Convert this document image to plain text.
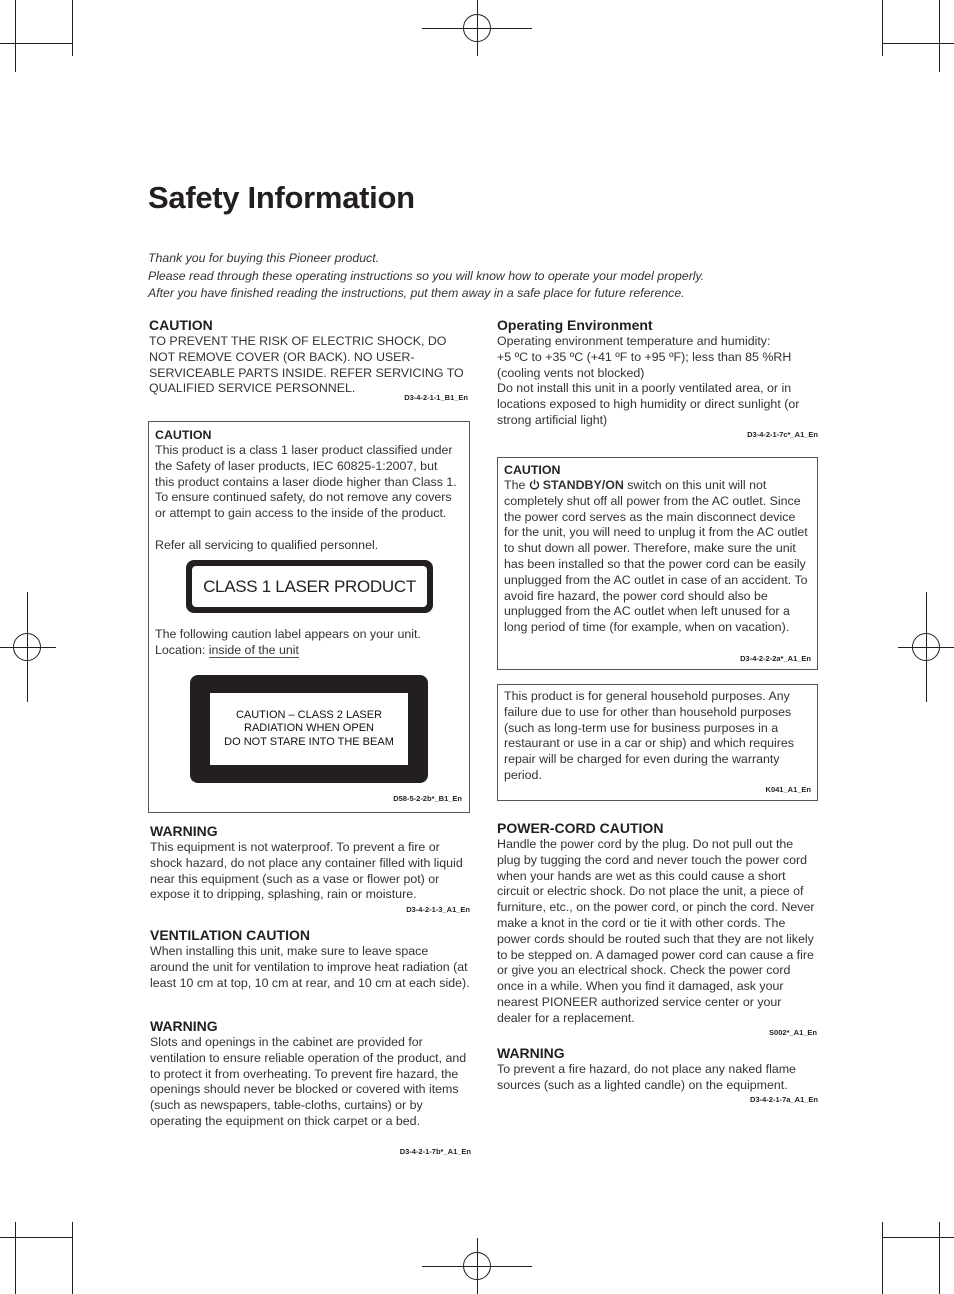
Safety Information
Thank you for buying this Pioneer product.
Please read through these operating instructions so you will know how to operate your model properly.
After you have finished reading the instructions, put them away in a safe place for future reference.
CAUTION
TO PREVENT THE RISK OF ELECTRIC SHOCK, DO NOT REMOVE COVER (OR BACK). NO USER-SERVICEABLE PARTS INSIDE. REFER SERVICING TO QUALIFIED SERVICE PERSONNEL.
D3-4-2-1-1_B1_En
CAUTION
This product is a class 1 laser product classified under the Safety of laser products, IEC 60825-1:2007, but this product contains a laser diode higher than Class 1. To ensure continued safety, do not remove any covers or attempt to gain access to the inside of the product.
Refer all servicing to qualified personnel.
CLASS 1 LASER PRODUCT
The following caution label appears on your unit.
Location: inside of the unit
CAUTION – CLASS 2 LASER
RADIATION WHEN OPEN
DO NOT STARE INTO THE BEAM
D58-5-2-2b*_B1_En
WARNING
This equipment is not waterproof. To prevent a fire or shock hazard, do not place any container filled with liquid near this equipment (such as a vase or flower pot) or expose it to dripping, splashing, rain or moisture.
D3-4-2-1-3_A1_En
VENTILATION CAUTION
When installing this unit, make sure to leave space around the unit for ventilation to improve heat radiation (at least 10 cm at top, 10 cm at rear, and 10 cm at each side).
WARNING
Slots and openings in the cabinet are provided for ventilation to ensure reliable operation of the product, and to protect it from overheating. To prevent fire hazard, the openings should never be blocked or covered with items (such as newspapers, table-cloths, curtains) or by operating the equipment on thick carpet or a bed.
D3-4-2-1-7b*_A1_En
Operating Environment
Operating environment temperature and humidity:
+5 ºC to +35 ºC (+41 ºF to +95 ºF); less than 85 %RH (cooling vents not blocked)
Do not install this unit in a poorly ventilated area, or in locations exposed to high humidity or direct sunlight (or strong artificial light)
D3-4-2-1-7c*_A1_En
CAUTION
The STANDBY/ON switch on this unit will not completely shut off all power from the AC outlet. Since the power cord serves as the main disconnect device for the unit, you will need to unplug it from the AC outlet to shut down all power. Therefore, make sure the unit has been installed so that the power cord can be easily unplugged from the AC outlet in case of an accident. To avoid fire hazard, the power cord should also be unplugged from the AC outlet when left unused for a long period of time (for example, when on vacation).
D3-4-2-2-2a*_A1_En
This product is for general household purposes. Any failure due to use for other than household purposes (such as long-term use for business purposes in a restaurant or use in a car or ship) and which requires repair will be charged for even during the warranty period.
K041_A1_En
POWER-CORD CAUTION
Handle the power cord by the plug. Do not pull out the plug by tugging the cord and never touch the power cord when your hands are wet as this could cause a short circuit or electric shock. Do not place the unit, a piece of furniture, etc., on the power cord, or pinch the cord. Never make a knot in the cord or tie it with other cords. The power cords should be routed such that they are not likely to be stepped on. A damaged power cord can cause a fire or give you an electrical shock. Check the power cord once in a while. When you find it damaged, ask your nearest PIONEER authorized service center or your dealer for a replacement.
S002*_A1_En
WARNING
To prevent a fire hazard, do not place any naked flame sources (such as a lighted candle) on the equipment.
D3-4-2-1-7a_A1_En
